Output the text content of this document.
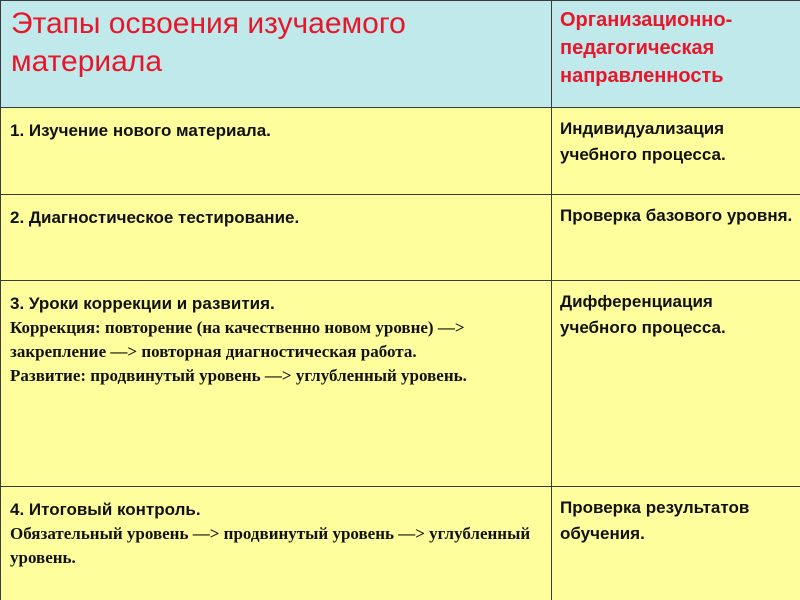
Этапы освоения изучаемого материала	Организационно-педагогическая направленность

1. Изучение нового материала.	Индивидуализация учебного процесса.

2. Диагностическое тестирование.	Проверка базового уровня.

3. Уроки коррекции и развития.
Коррекция: повторение (на качественно новом уровне) —> закрепление —> повторная диагностическая работа.
Развитие: продвинутый уровень —> углубленный уровень.	Дифференциация учебного процесса.

4. Итоговый контроль.
Обязательный уровень —> продвинутый уровень —> углубленный уровень.	Проверка результатов обучения.
